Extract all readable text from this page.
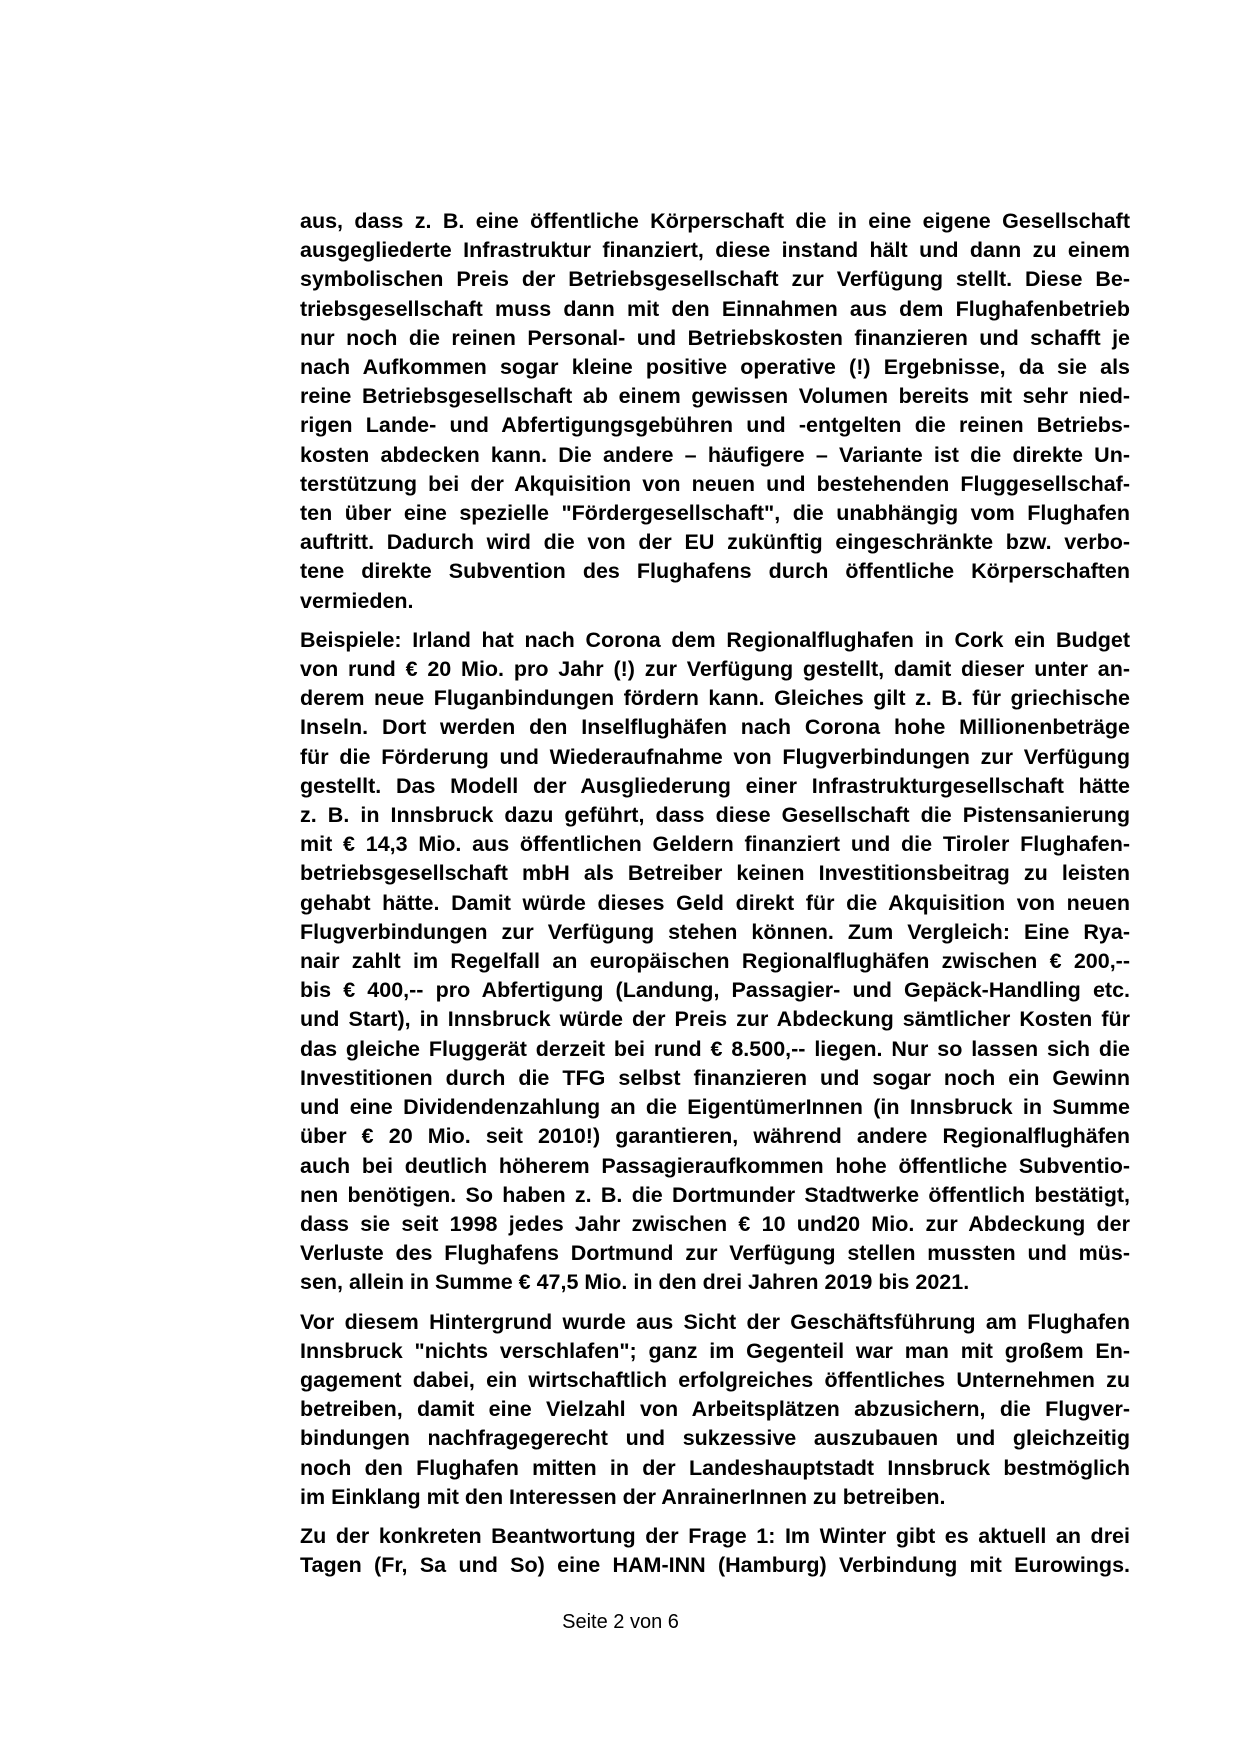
aus, dass z. B. eine öffentliche Körperschaft die in eine eigene Gesellschaft
ausgegliederte Infrastruktur finanziert, diese instand hält und dann zu einem
symbolischen Preis der Betriebsgesellschaft zur Verfügung stellt. Diese Be-
triebsgesellschaft muss dann mit den Einnahmen aus dem Flughafenbetrieb
nur noch die reinen Personal- und Betriebskosten finanzieren und schafft je
nach Aufkommen sogar kleine positive operative (!) Ergebnisse, da sie als
reine Betriebsgesellschaft ab einem gewissen Volumen bereits mit sehr nied-
rigen Lande- und Abfertigungsgebühren und -entgelten die reinen Betriebs-
kosten abdecken kann. Die andere – häufigere – Variante ist die direkte Un-
terstützung bei der Akquisition von neuen und bestehenden Fluggesellschaf-
ten über eine spezielle "Fördergesellschaft", die unabhängig vom Flughafen
auftritt. Dadurch wird die von der EU zukünftig eingeschränkte bzw. verbo-
tene direkte Subvention des Flughafens durch öffentliche Körperschaften
vermieden.

Beispiele: Irland hat nach Corona dem Regionalflughafen in Cork ein Budget
von rund € 20 Mio. pro Jahr (!) zur Verfügung gestellt, damit dieser unter an-
derem neue Fluganbindungen fördern kann. Gleiches gilt z. B. für griechische
Inseln. Dort werden den Inselflughäfen nach Corona hohe Millionenbeträge
für die Förderung und Wiederaufnahme von Flugverbindungen zur Verfügung
gestellt. Das Modell der Ausgliederung einer Infrastrukturgesellschaft hätte
z. B. in Innsbruck dazu geführt, dass diese Gesellschaft die Pistensanierung
mit € 14,3 Mio. aus öffentlichen Geldern finanziert und die Tiroler Flughafen-
betriebsgesellschaft mbH als Betreiber keinen Investitionsbeitrag zu leisten
gehabt hätte. Damit würde dieses Geld direkt für die Akquisition von neuen
Flugverbindungen zur Verfügung stehen können. Zum Vergleich: Eine Rya-
nair zahlt im Regelfall an europäischen Regionalflughäfen zwischen € 200,--
bis € 400,-- pro Abfertigung (Landung, Passagier- und Gepäck-Handling etc.
und Start), in Innsbruck würde der Preis zur Abdeckung sämtlicher Kosten für
das gleiche Fluggerät derzeit bei rund € 8.500,-- liegen. Nur so lassen sich die
Investitionen durch die TFG selbst finanzieren und sogar noch ein Gewinn
und eine Dividendenzahlung an die EigentümerInnen (in Innsbruck in Summe
über € 20 Mio. seit 2010!) garantieren, während andere Regionalflughäfen
auch bei deutlich höherem Passagieraufkommen hohe öffentliche Subventio-
nen benötigen. So haben z. B. die Dortmunder Stadtwerke öffentlich bestätigt,
dass sie seit 1998 jedes Jahr zwischen € 10 und20 Mio. zur Abdeckung der
Verluste des Flughafens Dortmund zur Verfügung stellen mussten und müs-
sen, allein in Summe € 47,5 Mio. in den drei Jahren 2019 bis 2021.

Vor diesem Hintergrund wurde aus Sicht der Geschäftsführung am Flughafen
Innsbruck "nichts verschlafen"; ganz im Gegenteil war man mit großem En-
gagement dabei, ein wirtschaftlich erfolgreiches öffentliches Unternehmen zu
betreiben, damit eine Vielzahl von Arbeitsplätzen abzusichern, die Flugver-
bindungen nachfragegerecht und sukzessive auszubauen und gleichzeitig
noch den Flughafen mitten in der Landeshauptstadt Innsbruck bestmöglich
im Einklang mit den Interessen der AnrainerInnen zu betreiben.

Zu der konkreten Beantwortung der Frage 1: Im Winter gibt es aktuell an drei
Tagen (Fr, Sa und So) eine HAM-INN (Hamburg) Verbindung mit Eurowings.

Seite 2 von 6
